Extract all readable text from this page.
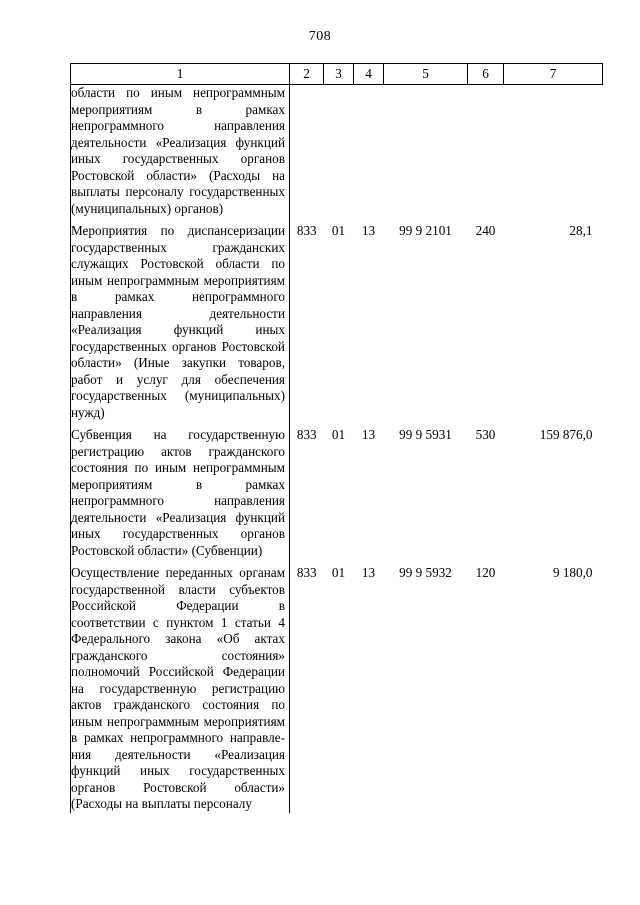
708
1	2	3	4	5	6	7

области по иным непрограммным мероприятиям в рамках непрограммного направления деятельности «Реализация функций иных государственных органов Ростовской области» (Расходы на выплаты персоналу государственных (муниципальных) органов)						

Мероприятия по диспансеризации государственных гражданских служащих Ростовской области по иным непрограммным мероприятиям в рамках непрограммного направления деятельности «Реализация функций иных государственных органов Ростовской области» (Иные закупки товаров, работ и услуг для обеспечения государственных (муниципальных) нужд)	833	01	13	99 9 2101	240	28,1

Субвенция на государственную регистрацию актов гражданского состояния по иным непрограммным мероприятиям в рамках непрограммного направления деятельности «Реализация функций иных государственных органов Ростовской области» (Субвенции)	833	01	13	99 9 5931	530	159 876,0

Осуществление переданных органам государственной власти субъектов Российской Федерации в соответствии с пунктом 1 статьи 4 Федерального закона «Об актах гражданского состояния» полномочий Российской Федерации на государственную регистрацию актов гражданского состояния по иным непрограммным мероприятиям в рамках непрограммного направления деятельности «Реализация функций иных государственных органов Ростовской области» (Расходы на выплаты персоналу	833	01	13	99 9 5932	120	9 180,0
